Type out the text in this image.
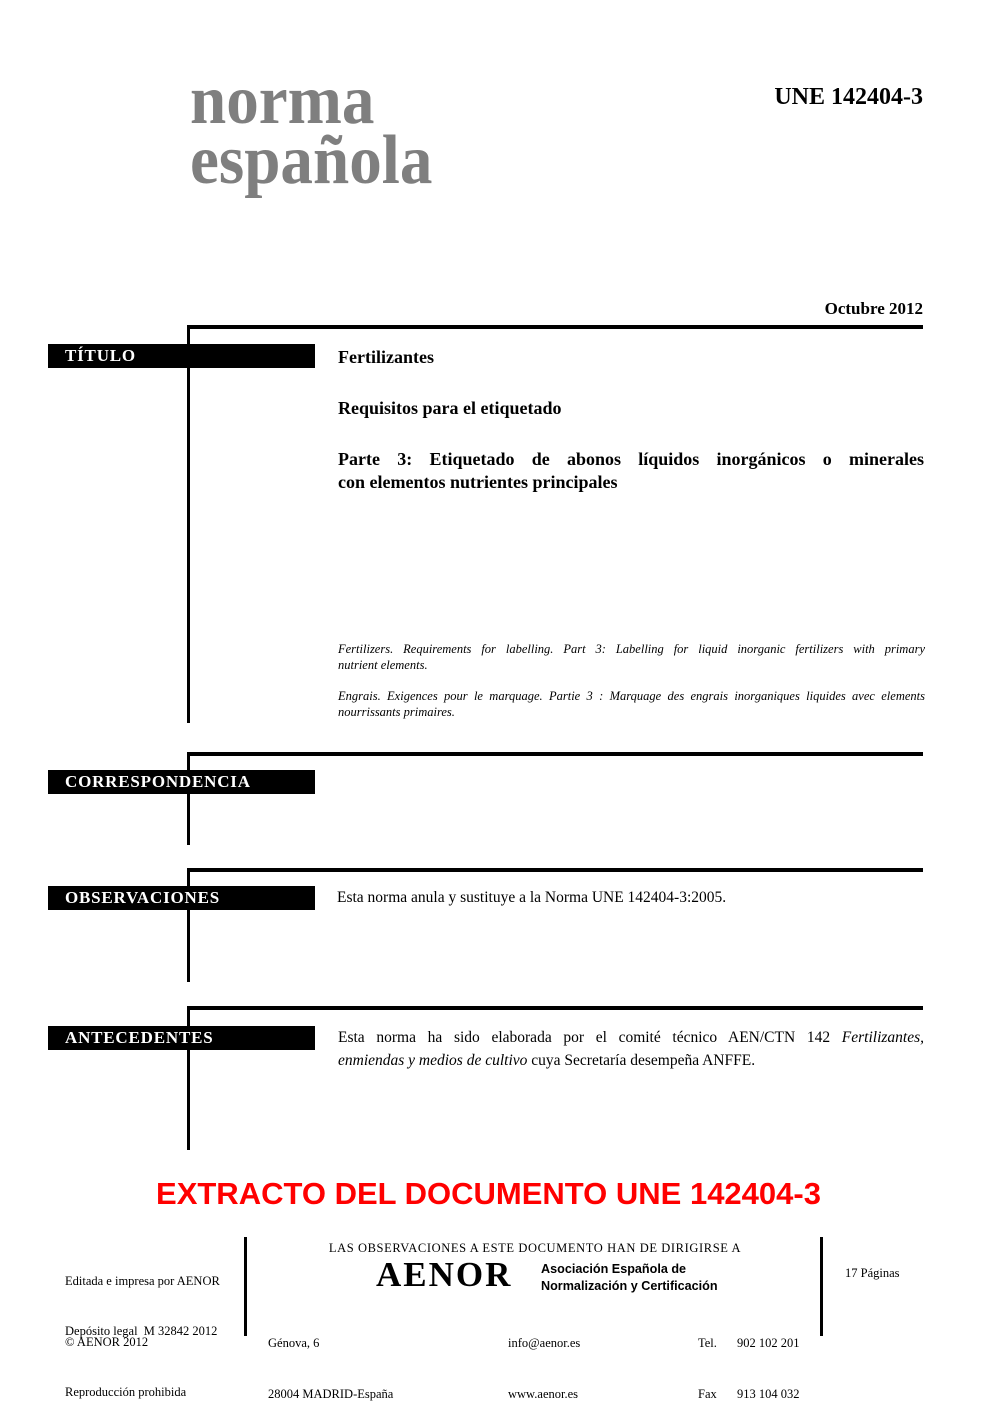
norma
española
UNE 142404-3
Octubre 2012
TÍTULO
CORRESPONDENCIA
OBSERVACIONES
ANTECEDENTES
Fertilizantes
Requisitos para el etiquetado
Parte 3: Etiquetado de abonos líquidos inorgánicos o minerales
con elementos nutrientes principales
Fertilizers. Requirements for labelling. Part 3: Labelling for liquid inorganic fertilizers with primary
nutrient elements.
Engrais. Exigences pour le marquage. Partie 3 : Marquage des engrais inorganiques liquides avec elements
nourrissants primaires.
Esta norma anula y sustituye a la Norma UNE 142404-3:2005.
Esta norma ha sido elaborada por el comité técnico AEN/CTN 142 Fertilizantes,
enmiendas y medios de cultivo cuya Secretaría desempeña ANFFE.
EXTRACTO DEL DOCUMENTO UNE 142404-3

Editada e impresa por AENOR

Depósito legal  M 32842 2012

© AENOR 2012

Reproducción prohibida

LAS OBSERVACIONES A ESTE DOCUMENTO HAN DE DIRIGIRSE A
AENOR Asociación Española de
Normalización y Certificación

Génova, 6

28004 MADRID-España

info@aenor.es

www.aenor.es

Tel.

Fax

902 102 201

913 104 032

17 Páginas
